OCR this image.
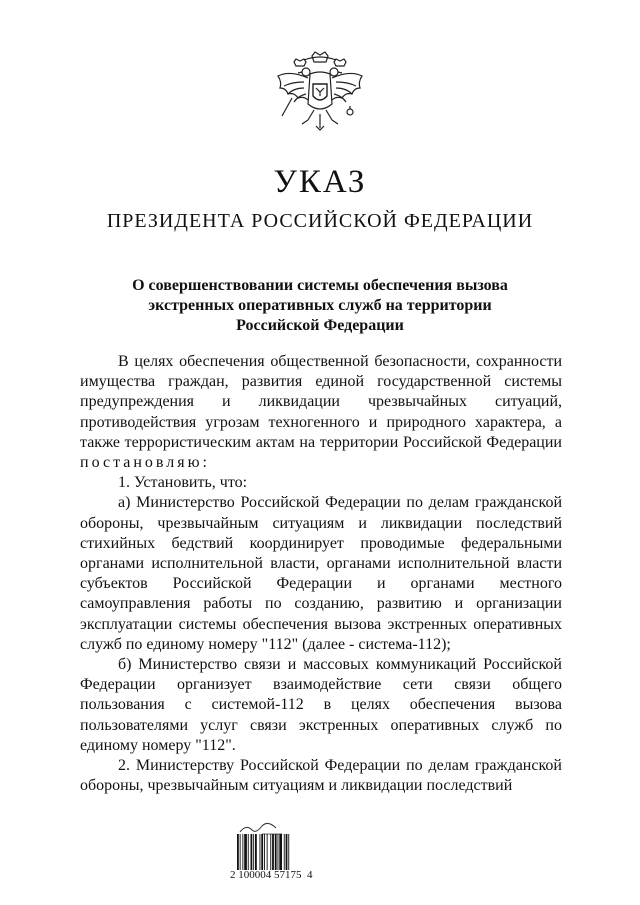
УКАЗ
ПРЕЗИДЕНТА РОССИЙСКОЙ ФЕДЕРАЦИИ
О совершенствовании системы обеспечения вызова
экстренных оперативных служб на территории
Российской Федерации

В целях обеспечения общественной безопасности, сохранности имущества граждан, развития единой государственной системы предупреждения и ликвидации чрезвычайных ситуаций, противодействия угрозам техногенного и природного характера, а также террористическим актам на территории Российской Федерации постановляю:

1. Установить, что:

а) Министерство Российской Федерации по делам гражданской обороны, чрезвычайным ситуациям и ликвидации последствий стихийных бедствий координирует проводимые федеральными органами исполнительной власти, органами исполнительной власти субъектов Российской Федерации и органами местного самоуправления работы по созданию, развитию и организации эксплуатации системы обеспечения вызова экстренных оперативных служб по единому номеру "112" (далее - система-112);

б) Министерство связи и массовых коммуникаций Российской Федерации организует взаимодействие сети связи общего пользования с системой-112 в целях обеспечения вызова пользователями услуг связи экстренных оперативных служб по единому номеру "112".

2. Министерству Российской Федерации по делам гражданской обороны, чрезвычайным ситуациям и ликвидации последствий

2 100004 57175  4
